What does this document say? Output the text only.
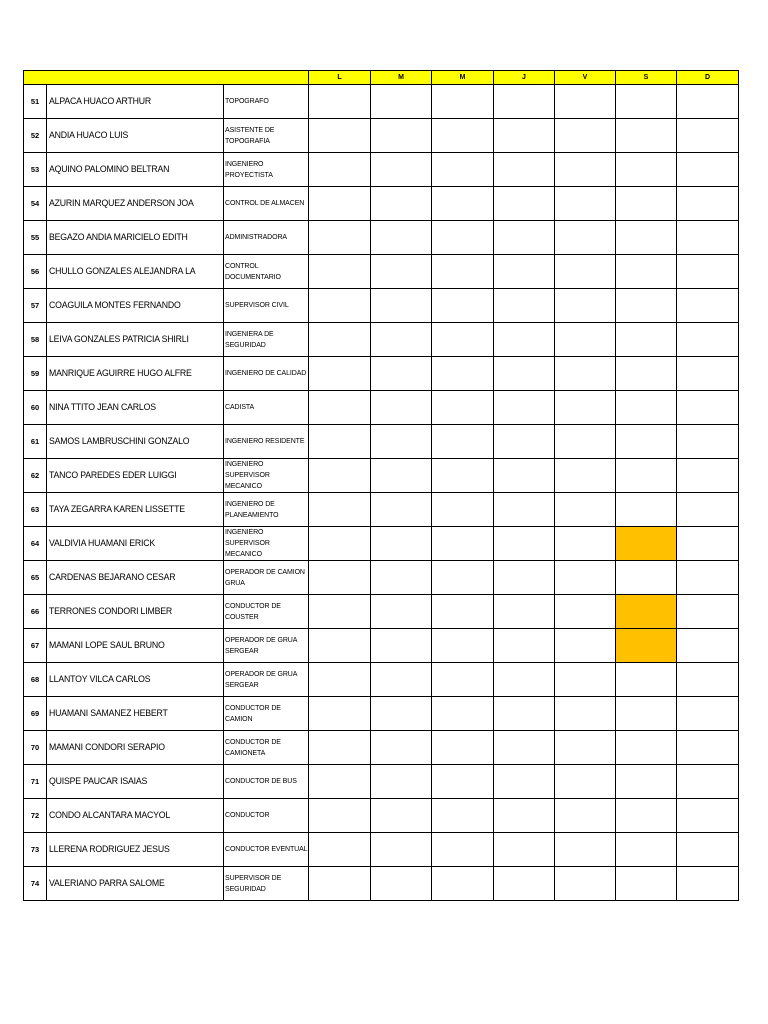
			L	M	M	J	V	S	D
51	ALPACA HUACO ARTHUR	TOPOGRAFO							
52	ANDIA HUACO LUIS	ASISTENTE DE TOPOGRAFIA							
53	AQUINO PALOMINO BELTRAN	INGENIERO PROYECTISTA							
54	AZURIN MARQUEZ ANDERSON JOA	CONTROL DE ALMACEN							
55	BEGAZO ANDIA MARICIELO EDITH	ADMINISTRADORA							
56	CHULLO GONZALES ALEJANDRA LA	CONTROL DOCUMENTARIO							
57	COAGUILA MONTES FERNANDO	SUPERVISOR CIVIL							
58	LEIVA GONZALES PATRICIA SHIRLI	INGENIERA DE SEGURIDAD							
59	MANRIQUE AGUIRRE HUGO ALFRE	INGENIERO DE CALIDAD							
60	NINA TTITO JEAN CARLOS	CADISTA							
61	SAMOS LAMBRUSCHINI GONZALO	INGENIERO RESIDENTE							
62	TANCO PAREDES EDER LUIGGI	INGENIERO SUPERVISOR MECANICO							
63	TAYA ZEGARRA KAREN LISSETTE	INGENIERO DE PLANEAMIENTO							
64	VALDIVIA HUAMANI ERICK	INGENIERO SUPERVISOR MECANICO							
65	CARDENAS BEJARANO CESAR	OPERADOR DE CAMION GRUA							
66	TERRONES CONDORI LIMBER	CONDUCTOR DE COUSTER							
67	MAMANI LOPE SAUL BRUNO	OPERADOR DE GRUA SERGEAR							
68	LLANTOY VILCA CARLOS	OPERADOR DE GRUA SERGEAR							
69	HUAMANI SAMANEZ HEBERT	CONDUCTOR DE CAMION							
70	MAMANI CONDORI SERAPIO	CONDUCTOR DE CAMIONETA							
71	QUISPE PAUCAR ISAIAS	CONDUCTOR DE BUS							
72	CONDO ALCANTARA MACYOL	CONDUCTOR							
73	LLERENA RODRIGUEZ JESUS	CONDUCTOR EVENTUAL							
74	VALERIANO PARRA SALOME	SUPERVISOR DE SEGURIDAD							
